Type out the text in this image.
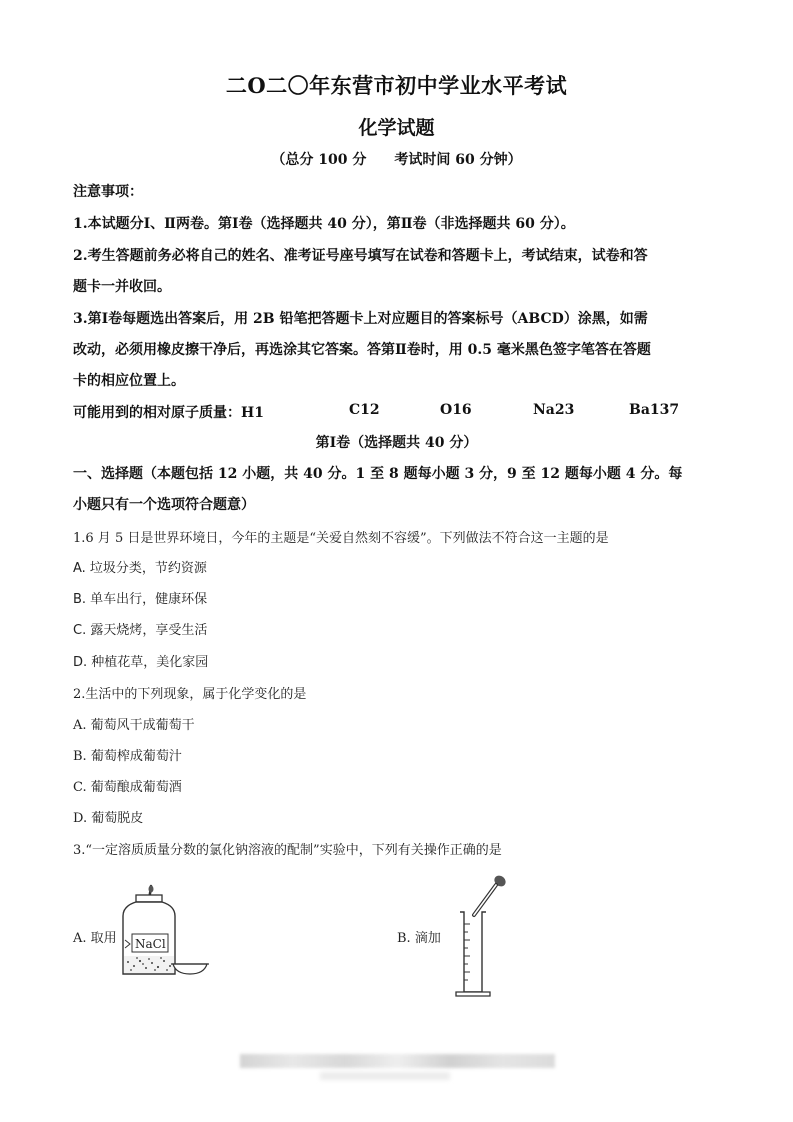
二O二〇年东营市初中学业水平考试
化学试题
（总分 100 分　　考试时间 60 分钟）
注意事项：
1.本试题分Ⅰ、Ⅱ两卷。第Ⅰ卷（选择题共 40 分），第Ⅱ卷（非选择题共 60 分）。
2.考生答题前务必将自己的姓名、准考证号座号填写在试卷和答题卡上，考试结束，试卷和答
题卡一并收回。
3.第Ⅰ卷每题选出答案后，用 2B 铅笔把答题卡上对应题目的答案标号（ABCD）涂黑，如需
改动，必须用橡皮擦干净后，再选涂其它答案。答第Ⅱ卷时，用 0.5 毫米黑色签字笔答在答题
卡的相应位置上。
可能用到的相对原子质量：H1	C12	O16	Na23	Ba137
第Ⅰ卷（选择题共 40 分）
一、选择题（本题包括 12 小题，共 40 分。1 至 8 题每小题 3 分，9 至 12 题每小题 4 分。每
小题只有一个选项符合题意）
1.6 月 5 日是世界环境日，今年的主题是“关爱自然刻不容缓”。下列做法不符合这一主题的是
A. 垃圾分类，节约资源
B. 单车出行，健康环保
C. 露天烧烤，享受生活
D. 种植花草，美化家园
2.生活中的下列现象，属于化学变化的是
A. 葡萄风干成葡萄干
B. 葡萄榨成葡萄汁
C. 葡萄酿成葡萄酒
D. 葡萄脱皮
3.“一定溶质质量分数的氯化钠溶液的配制”实验中，下列有关操作正确的是
A. 取用	B. 滴加
NaCl
